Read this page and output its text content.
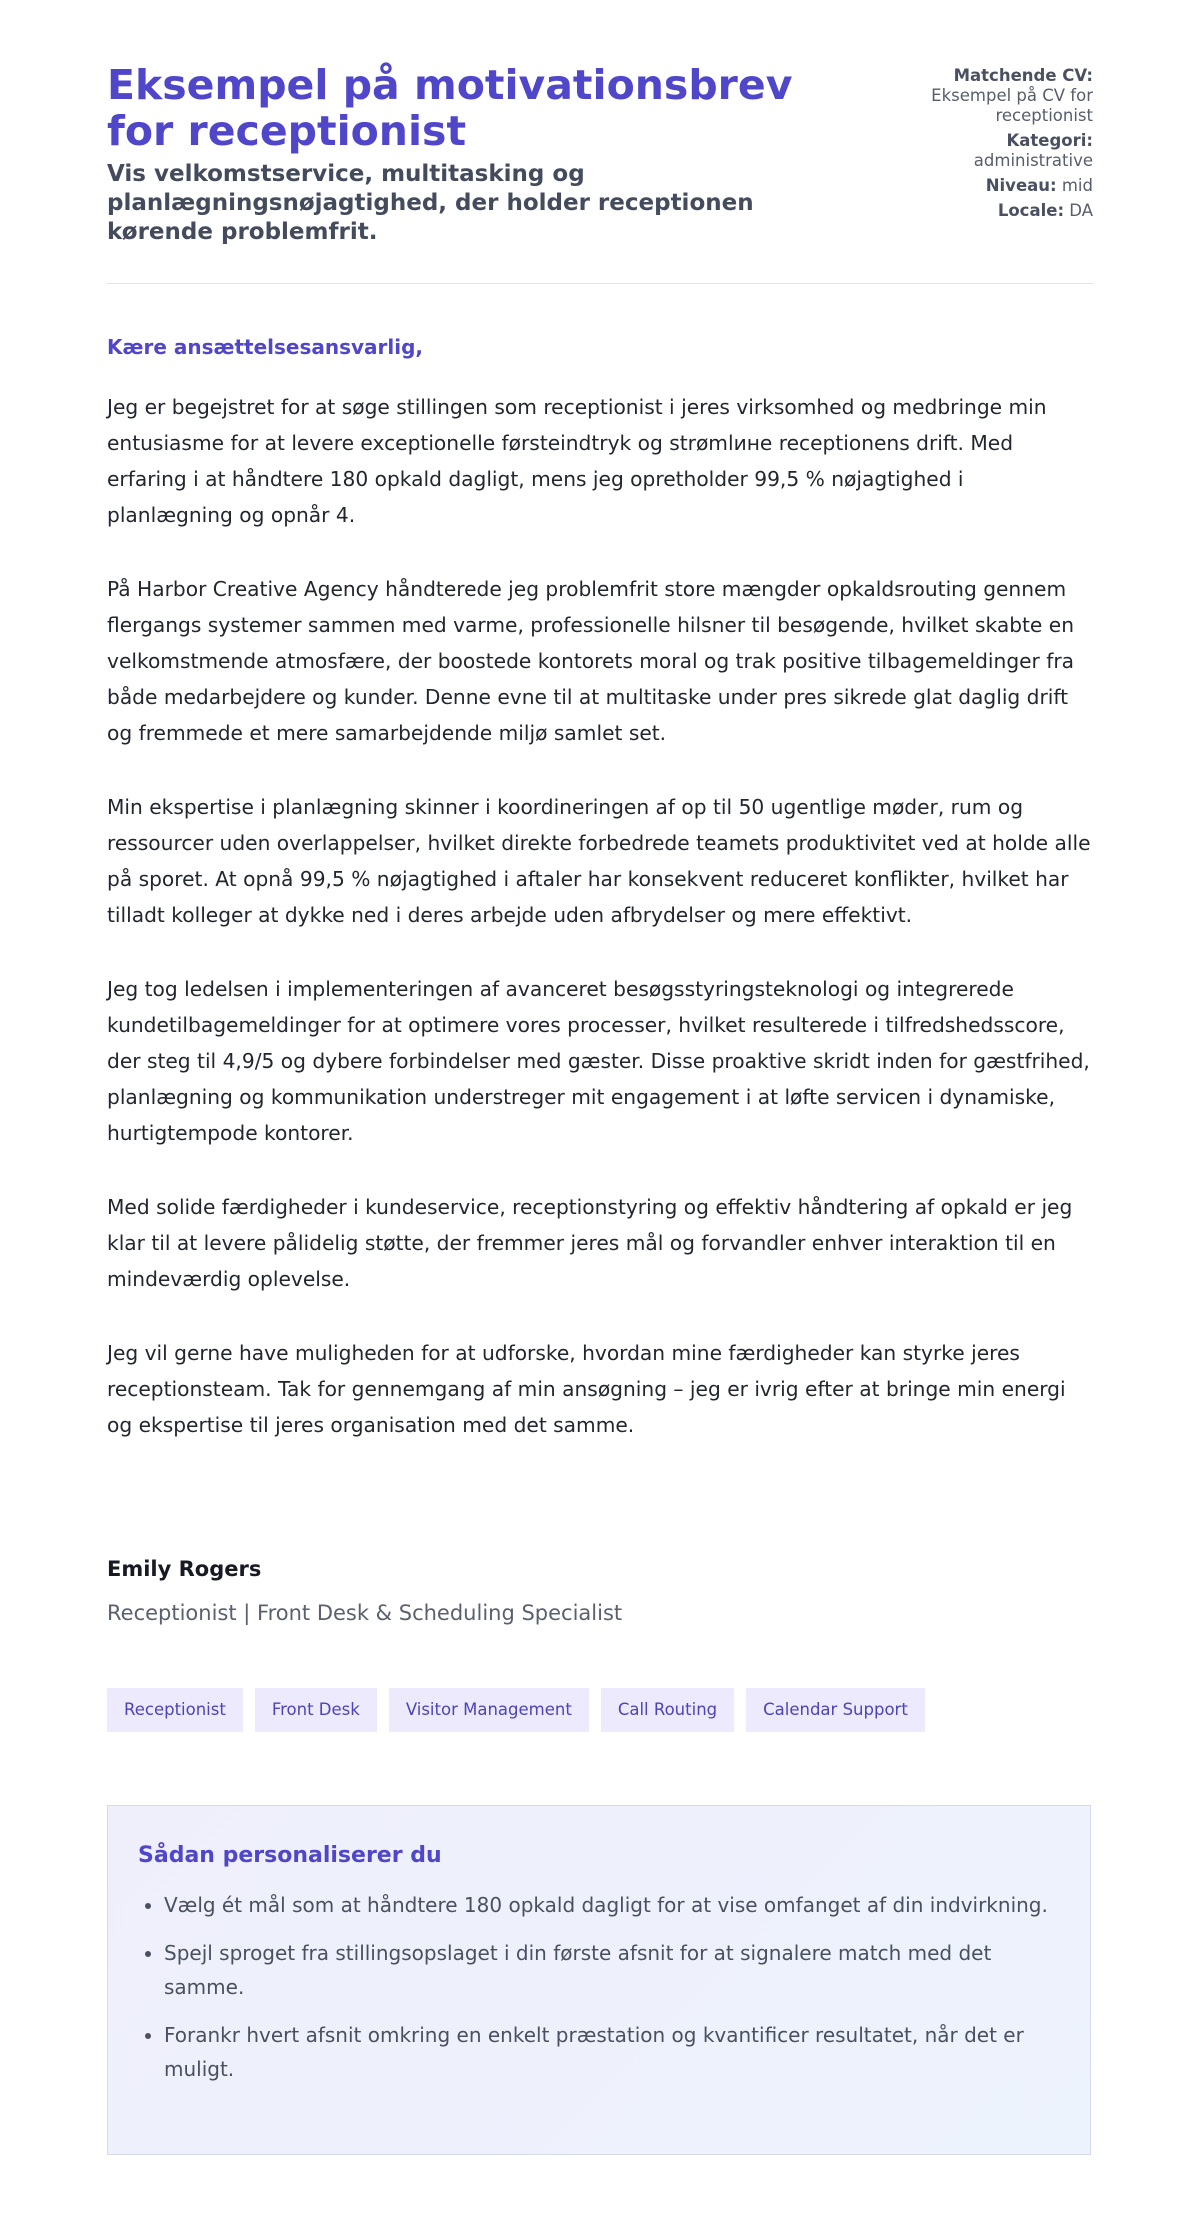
Eksempel på motivationsbrev for receptionist
Vis velkomstservice, multitasking og planlægningsnøjagtighed, der holder receptionen kørende problemfrit.
Matchende CV:
Eksempel på CV for receptionist
Kategori:
administrative
Niveau: mid
Locale: DA
Kære ansættelsesansvarlig,

Jeg er begejstret for at søge stillingen som receptionist i jeres virksomhed og medbringe min entusiasme for at levere exceptionelle førsteindtryk og strømlинe receptionens drift. Med erfaring i at håndtere 180 opkald dagligt, mens jeg opretholder 99,5 % nøjagtighed i planlægning og opnår 4.

På Harbor Creative Agency håndterede jeg problemfrit store mængder opkaldsrouting gennem flergangs systemer sammen med varme, professionelle hilsner til besøgende, hvilket skabte en velkomstmende atmosfære, der boostede kontorets moral og trak positive tilbagemeldinger fra både medarbejdere og kunder. Denne evne til at multitaske under pres sikrede glat daglig drift og fremmede et mere samarbejdende miljø samlet set.

Min ekspertise i planlægning skinner i koordineringen af op til 50 ugentlige møder, rum og ressourcer uden overlappelser, hvilket direkte forbedrede teamets produktivitet ved at holde alle på sporet. At opnå 99,5 % nøjagtighed i aftaler har konsekvent reduceret konflikter, hvilket har tilladt kolleger at dykke ned i deres arbejde uden afbrydelser og mere effektivt.

Jeg tog ledelsen i implementeringen af avanceret besøgsstyringsteknologi og integrerede kundetilbagemeldinger for at optimere vores processer, hvilket resulterede i tilfredshedsscore, der steg til 4,9/5 og dybere forbindelser med gæster. Disse proaktive skridt inden for gæstfrihed, planlægning og kommunikation understreger mit engagement i at løfte servicen i dynamiske, hurtigtempode kontorer.

Med solide færdigheder i kundeservice, receptionstyring og effektiv håndtering af opkald er jeg klar til at levere pålidelig støtte, der fremmer jeres mål og forvandler enhver interaktion til en mindeværdig oplevelse.

Jeg vil gerne have muligheden for at udforske, hvordan mine færdigheder kan styrke jeres receptionsteam. Tak for gennemgang af min ansøgning – jeg er ivrig efter at bringe min energi og ekspertise til jeres organisation med det samme.

Emily Rogers
Receptionist | Front Desk & Scheduling Specialist
Receptionist	Front Desk	Visitor Management	Call Routing	Calendar Support
Sådan personaliserer du
• Vælg ét mål som at håndtere 180 opkald dagligt for at vise omfanget af din indvirkning.
• Spejl sproget fra stillingsopslaget i din første afsnit for at signalere match med det samme.
• Forankr hvert afsnit omkring en enkelt præstation og kvantificer resultatet, når det er muligt.
